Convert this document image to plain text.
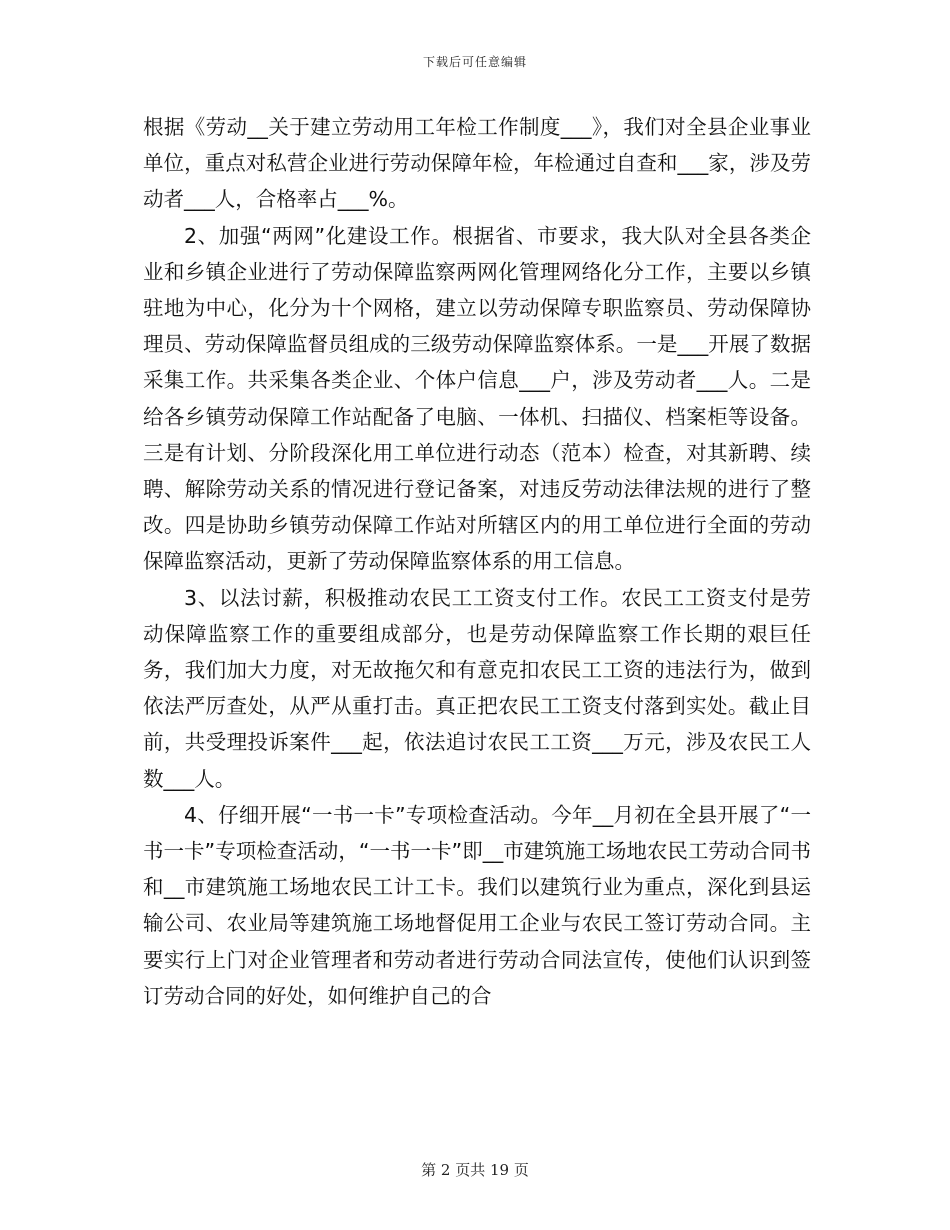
下载后可任意编辑

根据《劳动__关于建立劳动用工年检工作制度___》，我们对全县企业事业单位，重点对私营企业进行劳动保障年检，年检通过自查和___家，涉及劳动者___人，合格率占___%。

2、加强“两网”化建设工作。根据省、市要求，我大队对全县各类企业和乡镇企业进行了劳动保障监察两网化管理网络化分工作，主要以乡镇驻地为中心，化分为十个网格，建立以劳动保障专职监察员、劳动保障协理员、劳动保障监督员组成的三级劳动保障监察体系。一是___开展了数据采集工作。共采集各类企业、个体户信息___户，涉及劳动者___人。二是给各乡镇劳动保障工作站配备了电脑、一体机、扫描仪、档案柜等设备。三是有计划、分阶段深化用工单位进行动态（范本）检查，对其新聘、续聘、解除劳动关系的情况进行登记备案，对违反劳动法律法规的进行了整改。四是协助乡镇劳动保障工作站对所辖区内的用工单位进行全面的劳动保障监察活动，更新了劳动保障监察体系的用工信息。

3、以法讨薪，积极推动农民工工资支付工作。农民工工资支付是劳动保障监察工作的重要组成部分，也是劳动保障监察工作长期的艰巨任务，我们加大力度，对无故拖欠和有意克扣农民工工资的违法行为，做到依法严厉查处，从严从重打击。真正把农民工工资支付落到实处。截止目前，共受理投诉案件___起，依法追讨农民工工资___万元，涉及农民工人数___人。

4、仔细开展“一书一卡”专项检查活动。今年__月初在全县开展了“一书一卡”专项检查活动，“一书一卡”即__市建筑施工场地农民工劳动合同书和__市建筑施工场地农民工计工卡。我们以建筑行业为重点，深化到县运输公司、农业局等建筑施工场地督促用工企业与农民工签订劳动合同。主要实行上门对企业管理者和劳动者进行劳动合同法宣传，使他们认识到签订劳动合同的好处，如何维护自己的合

第 2 页共 19 页
